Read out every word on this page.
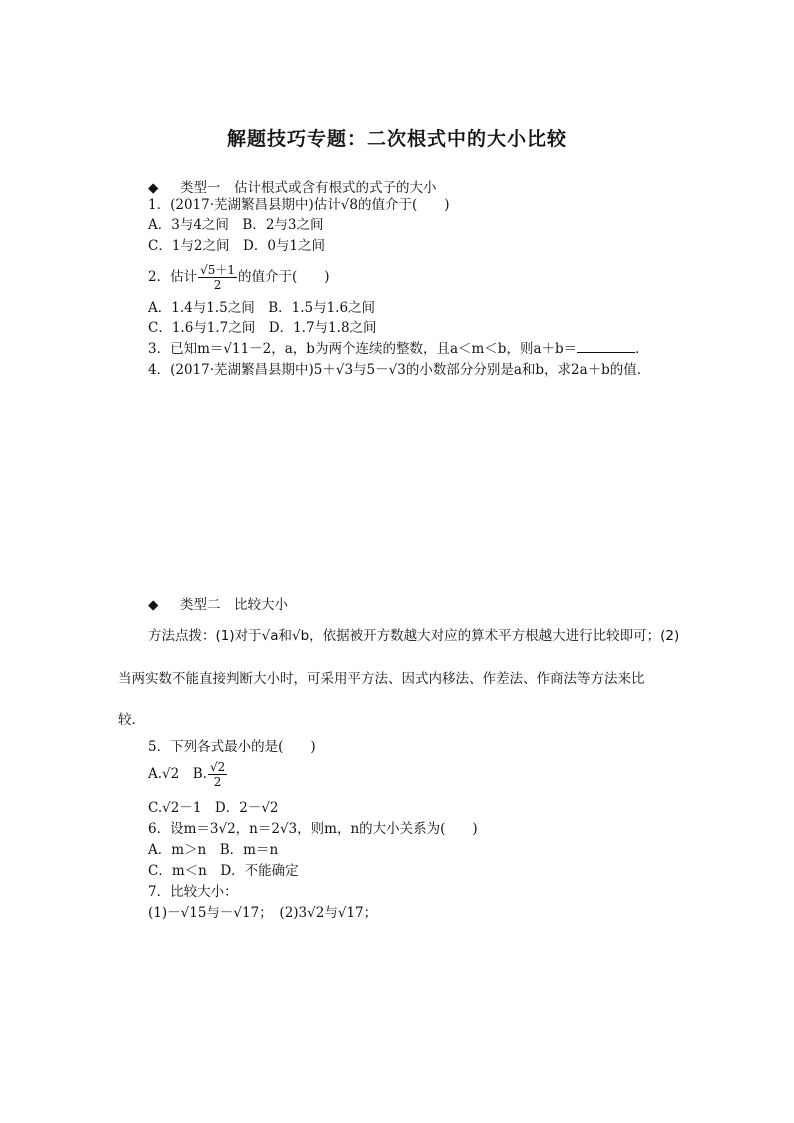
解题技巧专题：二次根式中的大小比较
◆ 类型一　估计根式或含有根式的式子的大小
1．(2017·芜湖繁昌县期中)估计√8的值介于(　　)
A．3与4之间　B．2与3之间
C．1与2之间　D．0与1之间
2．估计 $\frac{√5+1}{2}$ 的值介于(　　)
A．1.4与1.5之间　B．1.5与1.6之间
C．1.6与1.7之间　D．1.7与1.8之间
3．已知m＝√11－2，a，b为两个连续的整数，且a＜m＜b，则a＋b＝	．
4．(2017·芜湖繁昌县期中)5＋√3与5－√3的小数部分分别是a和b，求2a＋b的值．
◆ 类型二　比较大小
方法点拨：(1)对于√a和√b，依据被开方数越大对应的算术平方根越大进行比较即可；(2)
当两实数不能直接判断大小时，可采用平方法、因式内移法、作差法、作商法等方法来比
较．
5．下列各式最小的是(　　)
A.√2　B. $\frac{√2}{2}$
C.√2－1　D．2－√2
6．设m＝3√2，n＝2√3，则m，n的大小关系为(　　)
A．m＞n　B．m＝n
C．m＜n　D．不能确定
7．比较大小：
(1)－√15与－√17；　(2)3√2与√17；
